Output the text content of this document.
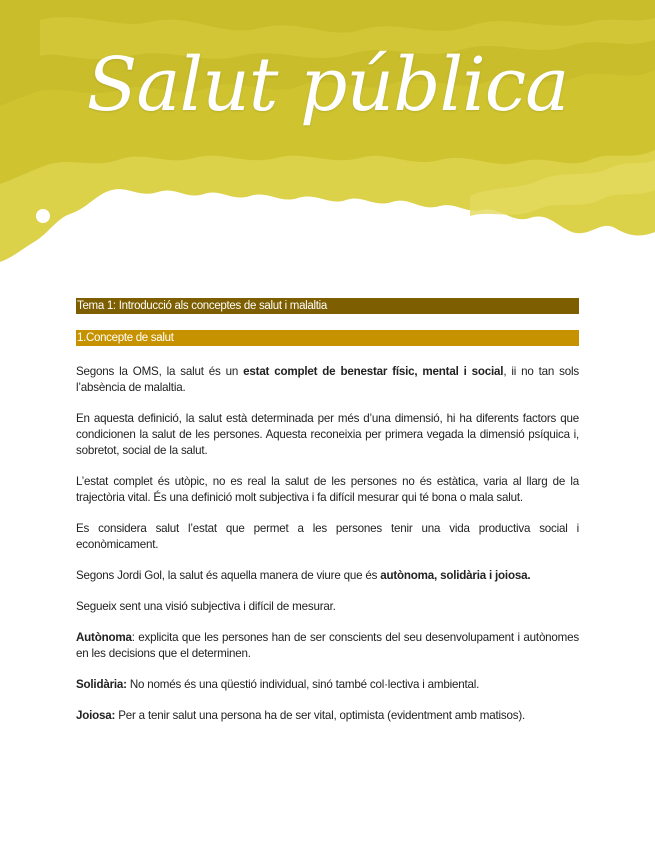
Salut pública
Tema 1: Introducció als conceptes de salut i malaltia
1.Concepte de salut

Segons la OMS, la salut és un estat complet de benestar físic, mental i social, ii no tan sols l’absència de malaltia.

En aquesta definició, la salut està determinada per més d’una dimensió, hi ha diferents factors que condicionen la salut de les persones. Aquesta reconeixia per primera vegada la dimensió psíquica i, sobretot, social de la salut.

L’estat complet és utòpic, no es real la salut de les persones no és estàtica, varia al llarg de la trajectòria vital. És una definició molt subjectiva i fa difícil mesurar qui té bona o mala salut.

Es considera salut l’estat que permet a les persones tenir una vida productiva social i econòmicament.

Segons Jordi Gol, la salut és aquella manera de viure que és autònoma, solidària i joiosa.

Segueix sent una visió subjectiva i difícil de mesurar.

Autònoma: explicita que les persones han de ser conscients del seu desenvolupament i autònomes en les decisions que el determinen.

Solidària: No només és una qüestió individual, sinó també col·lectiva i ambiental.

Joiosa: Per a tenir salut una persona ha de ser vital, optimista (evidentment amb matisos).
